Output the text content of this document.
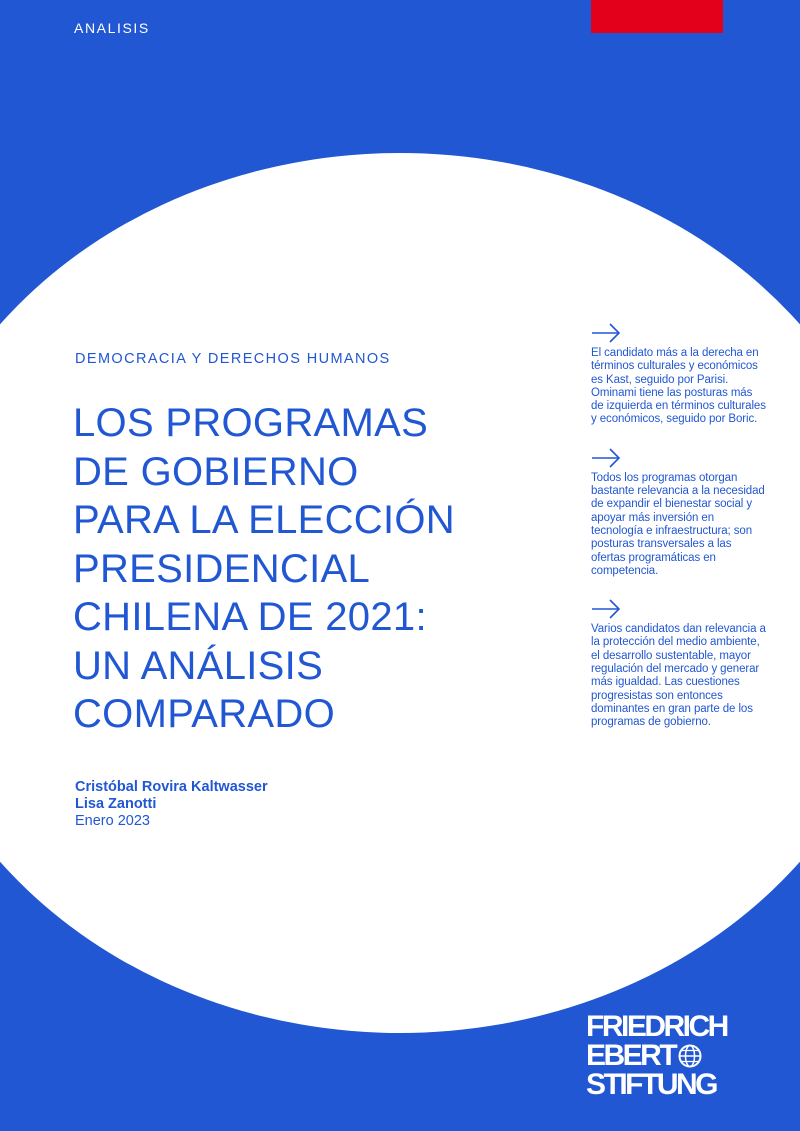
ANALISIS
DEMOCRACIA Y DERECHOS HUMANOS
LOS PROGRAMAS
DE GOBIERNO
PARA LA ELECCIÓN
PRESIDENCIAL
CHILENA DE 2021:
UN ANÁLISIS
COMPARADO
Cristóbal Rovira Kaltwasser
Lisa Zanotti
Enero 2023
El candidato más a la derecha en términos culturales y económicos es Kast, seguido por Parisi. Ominami tiene las posturas más de izquierda en términos culturales y económicos, seguido por Boric.
Todos los programas otorgan bastante relevancia a la necesidad de expandir el bienestar social y apoyar más inversión en tecnología e infraestructura; son posturas transversales a las ofertas programáticas en competencia.
Varios candidatos dan relevancia a la protección del medio ambiente, el desarrollo sustentable, mayor regulación del mercado y generar más igualdad. Las cuestiones progresistas son entonces dominantes en gran parte de los programas de gobierno.
FRIEDRICH
EBERT
STIFTUNG
